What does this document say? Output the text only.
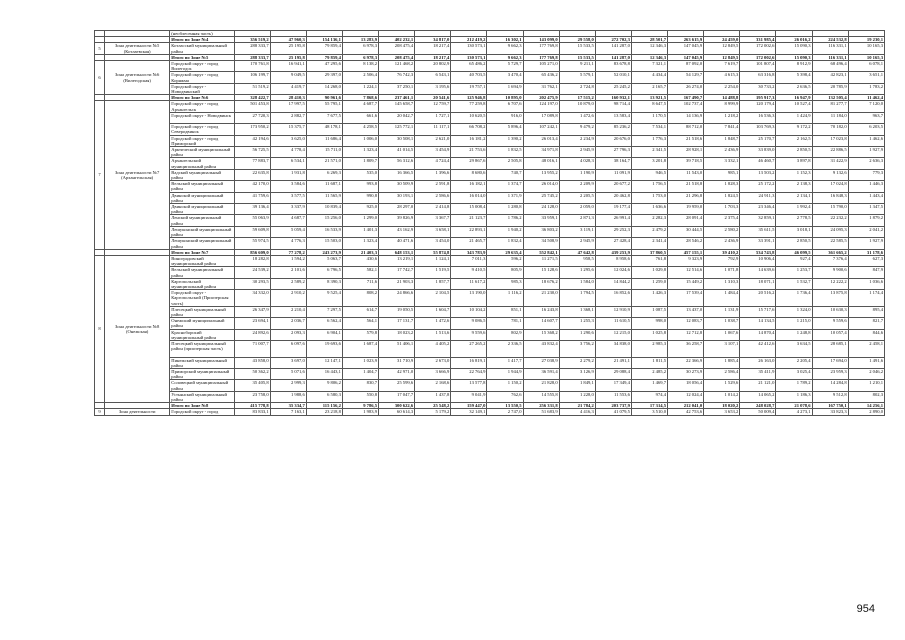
		(необлесенная часть)																		
		Итого по Зоне №4	356 519,2	47 960,3	154 136,1	13 283,9	402 232,1	34 817,0	212 419,2	16 302,1	143 099,0	29 558,0	272 702,3	28 501,7	263 615,9	24 459,0	331 985,4	26 016,2	224 532,8	19 230,1
5	Зона деятельности №5 (Котлаевская)	Котласский муниципальный район	288 333,7	25 195,8	79 859,4	6 978,3	208 475,4	18 217,4	130 573,1	9 662,3	177 769,8	15 533,5	141 287,0	12 346,3	147 045,9	12 849,5	172 002,6	15 090,3	116 331,1	10 165,3
		Итого по Зоне №5	288 333,7	25 195,8	79 859,4	6 978,3	208 475,4	18 217,4	130 573,1	9 662,3	177 769,8	15 533,5	141 287,0	12 346,3	147 045,9	12 849,5	172 002,6	15 090,3	116 331,1	10 165,3
6	Зона деятельности №6 (Вилегодская)	Городской округ - город Вилегодск	170 761,8	16 941,1	47 295,6	8 138,2	121 468,2	20 802,9	65 486,2	5 729,7	105 271,0	9 211,1	83 678,8	7 321,1	87 092,0	7 619,7	101 807,4	8 912,9	68 496,4	6 078,1
		Городской округ - город Коряжма	106 199,7	9 049,5	29 397,0	2 506,4	76 742,3	6 543,1	40 703,5	3 470,4	65 436,2	5 579,1	52 010,1	4 434,4	54 129,7	4 615,3	63 316,8	5 398,4	42 823,1	3 651,1
		Городской округ - Новодвинский	51 519,2	4 419,7	14 268,0	1 224,1	37 250,1	3 195,6	19 757,1	1 694,9	31 762,1	2 724,8	25 245,2	2 165,7	26 274,0	2 254,0	30 733,2	2 636,5	20 785,9	1 783,2
		Итого по Зоне №6	328 422,7	28 410,3	90 961,6	7 868,6	237 461,1	20 541,6	125 946,8	10 895,0	202 475,9	17 515,2	160 932,1	13 921,5	167 490,7	14 488,8	195 917,3	16 947,9	132 505,4	11 462,4
7	Зона деятельности №7 (Архангельская)	Городской округ - город Архангельск	501 453,8	17 997,5	55 795,1	4 687,7	145 658,7	12 759,7	77 259,8	6 707,6	124 197,0	10 879,0	98 714,4	8 647,5	102 737,4	8 999,9	120 179,4	10 527,4	81 277,7	7 120,0
		Городской округ - Новодвинск	27 720,3	2 882,7	7 677,5	661,6	20 042,7	1 727,1	10 620,5	916,0	17 089,8	1 472,6	13 583,4	1 170,5	14 136,9	1 218,2	16 536,3	1 424,9	11 184,0	963,7
		Городской округ - город Северодвинск	173 950,2	15 375,7	48 178,1	4 258,5	125 772,1	11 117,1	66 708,2	5 896,4	107 242,1	9 479,2	85 236,2	7 534,1	88 712,0	7 841,4	103 769,3	9 172,2	70 182,0	6 203,5
		Городской округ - город Приморский	42 194,6	3 625,0	11 686,4	1 006,0	30 508,1	2 621,0	16 181,2	1 390,2	26 013,4	2 234,9	20 676,0	1 776,3	21 518,6	1 848,7	25 170,7	2 162,5	17 023,8	1 462,6
		Арктический муниципальный район	56 725,5	4 778,4	15 711,0	1 323,4	41 014,5	3 454,9	21 753,6	1 832,5	34 971,8	2 945,9	27 796,3	2 341,5	28 928,1	2 436,9	33 839,0	2 850,5	22 886,5	1 927,9
		Архангельский муниципальный район	77 883,7	6 534,1	21 571,0	1 809,7	56 312,6	4 724,4	29 867,6	2 505,8	48 016,1	4 028,3	38 164,7	3 201,8	39 718,5	3 332,1	46 460,7	3 897,8	31 422,9	2 636,3
		Вадский муниципальный район	22 635,8	1 931,8	6 269,3	535,0	16 366,5	1 396,6	8 680,6	740,7	13 955,2	1 190,9	11 091,9	946,5	11 543,0	985,1	13 503,2	1 152,3	9 132,6	779,3
		Вельский муниципальный район	42 170,0	3 584,6	11 687,1	993,8	30 509,9	2 591,8	16 182,1	1 374,7	26 014,0	2 209,9	20 677,2	1 756,5	21 518,8	1 828,3	25 172,2	2 138,3	17 024,8	1 446,3
		Двинской муниципальный район	41 759,6	3 577,5	11 565,9	990,8	30 193,1	2 586,6	16 014,0	1 371,9	25 745,2	2 205,5	20 462,8	1 753,0	21 296,8	1 824,5	24 911,3	2 134,1	16 848,3	1 443,4
		Двинской муниципальный район	39 136,4	3 337,9	10 839,4	925,0	28 297,0	2 414,8	15 008,4	1 280,8	24 128,0	2 059,0	19 177,4	1 636,6	19 959,0	1 703,3	23 346,4	1 992,4	15 790,0	1 347,5
		Ленский муниципальный район	55 063,9	4 687,7	15 256,0	1 299,0	39 826,9	3 367,7	21 123,7	1 786,2	33 959,1	2 871,3	26 991,4	2 282,3	28 091,4	2 375,4	32 859,1	2 778,5	22 232,2	1 879,2
		Лешуконский муниципальный район	59 609,8	5 059,4	16 533,9	1 401,3	43 162,9	3 658,1	22 893,1	1 940,2	36 803,2	3 119,1	29 252,3	2 479,2	30 444,5	2 580,2	35 611,5	3 018,1	24 095,3	2 041,2
		Лешуконский муниципальный район	55 974,5	4 776,3	15 503,0	1 323,4	40 471,6	3 454,0	21 465,7	1 832,4	34 508,9	2 945,9	27 428,4	2 341,4	28 546,2	2 436,9	33 391,1	2 850,5	22 585,5	1 927,9
		Итого по Зоне №7	856 609,0	77 278,2	243 273,9	21 403,3	648 153,1	55 874,8	343 783,9	29 635,4	552 842,1	47 642,8	439 253,9	37 860,5	457 155,1	39 410,2	534 743,8	46 099,5	361 665,2	31 178,6
8	Зона деятельности №8 (Онежская)	Виноградовский муниципальный район	18 282,8	1 594,2	5 063,7	430,6	13 219,1	1 124,1	7 011,3	596,2	11 271,5	958,5	8 958,6	761,8	9 323,9	792,9	10 906,4	927,4	7 376,4	627,3
		Вельский муниципальный район	24 539,2	2 101,6	6 796,5	582,1	17 742,7	1 519,5	9 410,5	805,9	15 128,6	1 295,6	12 024,6	1 029,8	12 514,6	1 071,8	14 639,6	1 253,7	9 900,6	847,9
		Каргопольский муниципальный район	30 293,5	2 589,2	8 390,3	711,6	21 903,3	1 857,7	11 617,2	985,3	18 676,2	1 584,0	14 844,2	1 259,0	15 449,2	1 310,3	18 071,1	1 532,7	12 222,2	1 036,6
		Городской округ - Каргопольский (Приозерская часть)	34 332,0	2 910,2	9 525,4	808,2	24 866,6	2 104,5	13 190,0	1 116,2	21 230,0	1 794,5	16 852,6	1 426,3	17 539,4	1 484,4	20 516,2	1 736,4	13 875,8	1 174,4
		Плесецкий муниципальный район	26 347,9	2 210,4	7 297,5	614,7	19 050,5	1 604,7	10 104,2	851,1	16 243,8	1 368,1	12 910,9	1 087,5	13 437,0	1 131,9	15 717,6	1 324,0	10 630,3	895,4
		Онежский муниципальный район	23 694,1	2 036,7	6 562,4	564,1	17 131,7	1 472,6	9 086,5	781,1	14 607,7	1 255,3	11 610,5	998,0	12 083,7	1 038,7	14 134,5	1 215,0	9 559,6	821,7
		Красноборский муниципальный район	24 892,6	2 093,3	6 904,1	579,8	18 023,2	1 513,6	9 559,6	802,9	15 368,2	1 290,6	12 215,0	1 025,8	12 712,8	1 067,6	14 870,4	1 248,8	10 057,4	844,6
		Плесецкий муниципальный район (приозерская часть)	71 007,7	6 097,6	19 693,6	1 687,4	51 406,1	4 405,2	27 265,2	2 336,5	43 832,4	3 756,2	34 838,0	2 985,3	36 258,7	3 107,1	42 412,6	3 634,5	28 685,1	2 458,1
		Пинежский муниципальный район	43 858,0	3 697,0	12 147,1	1 023,9	31 710,9	2 673,0	16 819,1	1 417,7	27 038,9	2 279,2	21 491,1	1 811,5	22 366,9	1 885,4	26 163,0	2 205,4	17 694,0	1 491,6
		Приморский муниципальный район	50 362,2	5 071,6	16 443,1	1 404,7	42 971,0	3 666,9	22 764,9	1 944,9	36 591,4	3 126,9	29 088,4	2 485,2	30 273,9	2 586,4	35 411,9	3 025,4	23 959,3	2 046,2
		Соловецкий муниципальный район	35 405,8	2 999,3	9 806,2	830,7	25 599,6	2 168,6	13 577,8	1 150,2	21 828,0	1 849,1	17 349,4	1 469,7	18 056,4	1 529,6	21 121,0	1 789,2	14 284,8	1 210,1
		Устьянский муниципальный район	23 758,0	1 988,6	6 580,3	550,8	17 047,7	1 437,8	9 041,9	762,6	14 555,8	1 228,0	11 553,6	974,4	12 024,4	1 014,2	14 065,2	1 186,3	9 512,8	802,3
		Итого по Зоне №8	415 778,8	35 334,7	115 156,2	9 786,5	300 622,6	25 548,2	159 447,0	13 550,5	256 331,8	21 784,2	203 737,9	17 314,5	212 041,0	18 020,2	248 028,7	21 078,6	167 750,1	14 256,1
9	Зона деятельности	Городской округ - город	83 833,1	7 163,1	23 218,8	1 983,9	60 614,3	5 179,2	32 149,1	2 747,0	51 683,9	4 416,3	41 079,5	3 510,0	42 753,6	3 653,2	50 009,4	4 273,1	33 823,3	2 890,0
954
